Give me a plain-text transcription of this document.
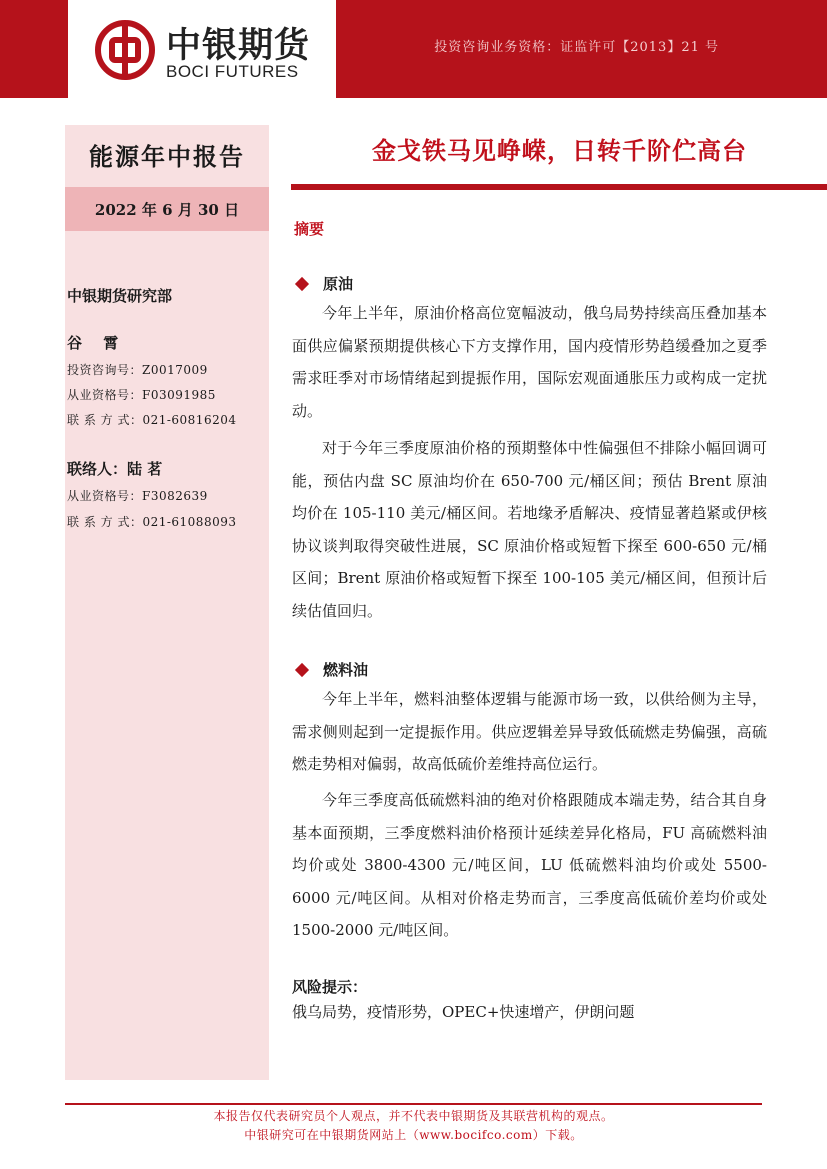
中银期货
BOCI FUTURES
投资咨询业务资格：证监许可【2013】21 号
能源年中报告
2022 年 6 月 30 日
中银期货研究部
谷 霄
投资咨询号：Z0017009
从业资格号：F03091985
联 系 方 式：021-60816204
联络人：陆 茗
从业资格号：F3082639
联 系 方 式：021-61088093
金戈铁马见峥嵘，日转千阶伫高台
摘要
原油

今年上半年，原油价格高位宽幅波动，俄乌局势持续高压叠加基本面供应偏紧预期提供核心下方支撑作用，国内疫情形势趋缓叠加之夏季需求旺季对市场情绪起到提振作用，国际宏观面通胀压力或构成一定扰动。

对于今年三季度原油价格的预期整体中性偏强但不排除小幅回调可能，预估内盘 SC 原油均价在 650-700 元/桶区间；预估 Brent 原油均价在 105-110 美元/桶区间。若地缘矛盾解决、疫情显著趋紧或伊核协议谈判取得突破性进展，SC 原油价格或短暂下探至 600-650 元/桶区间；Brent 原油价格或短暂下探至 100-105 美元/桶区间，但预计后续估值回归。

燃料油

今年上半年，燃料油整体逻辑与能源市场一致，以供给侧为主导，需求侧则起到一定提振作用。供应逻辑差异导致低硫燃走势偏强，高硫燃走势相对偏弱，故高低硫价差维持高位运行。

今年三季度高低硫燃料油的绝对价格跟随成本端走势，结合其自身基本面预期，三季度燃料油价格预计延续差异化格局，FU 高硫燃料油均价或处 3800-4300 元/吨区间，LU 低硫燃料油均价或处 5500-6000 元/吨区间。从相对价格走势而言，三季度高低硫价差均价或处 1500-2000 元/吨区间。

风险提示：
俄乌局势，疫情形势，OPEC+快速增产，伊朗问题
本报告仅代表研究员个人观点，并不代表中银期货及其联营机构的观点。
中银研究可在中银期货网站上（www.bocifco.com）下载。
